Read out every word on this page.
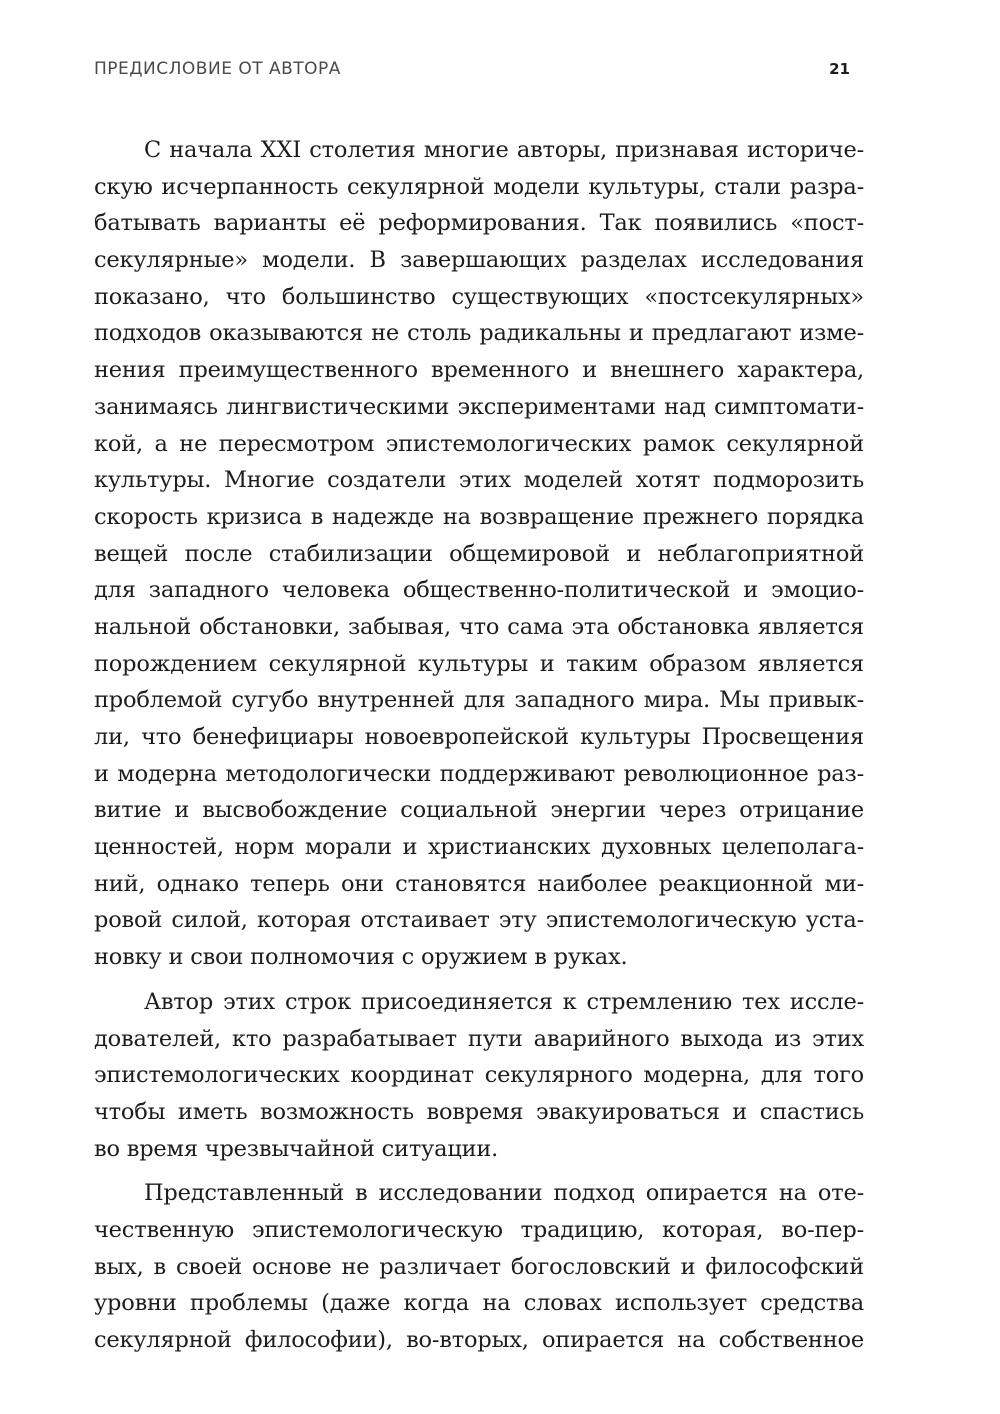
ПРЕДИСЛОВИЕ ОТ АВТОРА	21
С начала XXI столетия многие авторы, признавая историче-
скую исчерпанность секулярной модели культуры, стали разра-
батывать варианты её реформирования. Так появились «пост-
секулярные» модели. В завершающих разделах исследования
показано, что большинство существующих «постсекулярных»
подходов оказываются не столь радикальны и предлагают изме-
нения преимущественного временного и внешнего характера,
занимаясь лингвистическими экспериментами над симптомати-
кой, а не пересмотром эпистемологических рамок секулярной
культуры. Многие создатели этих моделей хотят подморозить
скорость кризиса в надежде на возвращение прежнего порядка
вещей после стабилизации общемировой и неблагоприятной
для западного человека общественно-политической и эмоцио-
нальной обстановки, забывая, что сама эта обстановка является
порождением секулярной культуры и таким образом является
проблемой сугубо внутренней для западного мира. Мы привык-
ли, что бенефициары новоевропейской культуры Просвещения
и модерна методологически поддерживают революционное раз-
витие и высвобождение социальной энергии через отрицание
ценностей, норм морали и христианских духовных целеполага-
ний, однако теперь они становятся наиболее реакционной ми-
ровой силой, которая отстаивает эту эпистемологическую уста-
новку и свои полномочия с оружием в руках.
Автор этих строк присоединяется к стремлению тех иссле-
дователей, кто разрабатывает пути аварийного выхода из этих
эпистемологических координат секулярного модерна, для того
чтобы иметь возможность вовремя эвакуироваться и спастись
во время чрезвычайной ситуации.
Представленный в исследовании подход опирается на оте-
чественную эпистемологическую традицию, которая, во-пер-
вых, в своей основе не различает богословский и философский
уровни проблемы (даже когда на словах использует средства
секулярной философии), во-вторых, опирается на собственное
